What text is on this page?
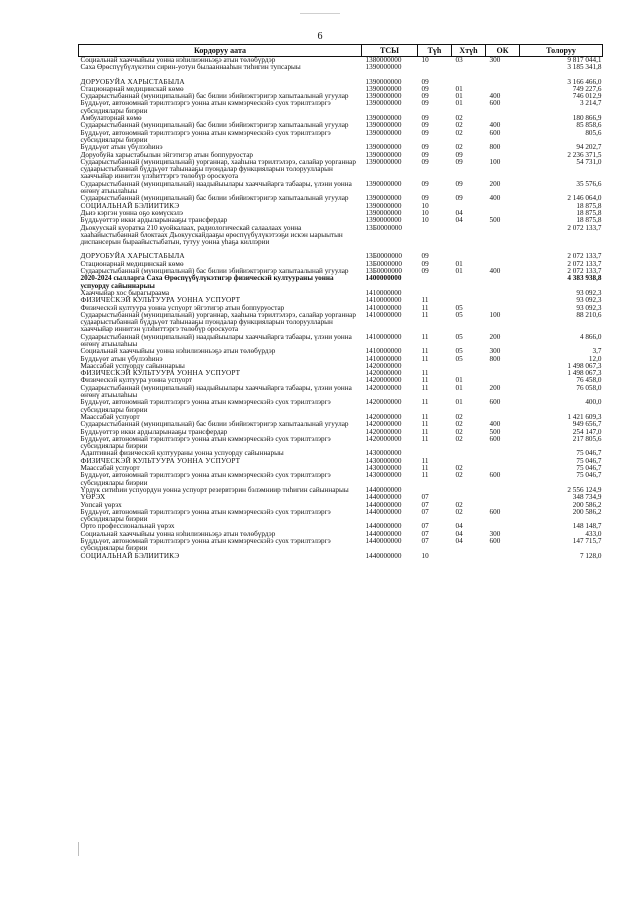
6
Кордоруу аата	ТСЫ	Түһ	Хтүһ	ОК	Толоруу
Социальнай хааччыйыы уонна нэһилиэнньэҕэ атын төлөбүрдэр	1380000000	10	03	300	9 817 044,1
Саха Өрөспүүбүлүкэтин сирин-уотун былааннааһын тиһигин тупсарыы	1390000000				3 185 341,8

ДОРУОБУЙА ХАРЫСТАБЫЛА	1390000000	09			3 166 466,0
Стационарнай медицинскай көмө	1390000000	09	01		749 227,6
Судаарыстыбаннай (муниципальнай) бас билии эбийиэктэригэр хапытаалынай угуулар	1390000000	09	01	400	746 012,9
Бүддьүөт, автономнай тэрилтэлэргэ уонна атын кэммэрческэйэ суох тэрилтэлэргэ субсидиялары биэрии	1390000000	09	01	600	3 214,7
Амбулаторнай көмө	1390000000	09	02		180 866,9
Судаарыстыбаннай (муниципальнай) бас билии эбийиэктэригэр хапытаалынай угуулар	1390000000	09	02	400	85 858,6
Бүддьүөт, автономнай тэрилтэлэргэ уонна атын кэммэрческэйэ суох тэрилтэлэргэ субсидиялары биэрии	1390000000	09	02	600	805,6
Бүддьүөт атын үбүлээһинэ	1390000000	09	02	800	94 202,7
Доруобуйа харыстабылын эйгэтигэр атын боппуруостар	1390000000	09	09		2 236 371,5
Судаарыстыбаннай (муниципальнай) уорганнар, хааһына тэрилтэлэрэ, салайар уорганнар судаарыстыбаннай бүддьүөт таһынааҕы пуондалар функцияларын толоруулларын хааччыйар иннитэн үлэһиттэргэ төлөбүр ороскуота	1390000000	09	09	100	54 731,0
Судаарыстыбаннай (муниципальнай) наадыйыылары хааччыйарга табаары, үлэни уонна өҥөнү атыылаһыы	1390000000	09	09	200	35 576,6
Судаарыстыбаннай (муниципальнай) бас билии эбийиэктэригэр хапытаалынай угуулар	1390000000	09	09	400	2 146 064,0
СОЦИАЛЬНАЙ БЭЛИИТИКЭ	1390000000	10			18 875,8
Дьиэ кэргэн уонна оҕо көмүскэлэ	1390000000	10	04		18 875,8
Бүддьүөттэр икки ардыларынааҕы трансфердар	1390000000	10	04	500	18 875,8
Дьокуускай куоратка 210 куойкалаах, радиологическай салаалаах уонна хааһайыстыбаннай блоктаах Дьокуускайдааҕы өрөспүүбүлүкэтээҕи искэн ыарыытын диспансерын быраайыстыбатын, тутуу уонна уһаҕа киллэрии	13Б0000000				2 072 133,7

ДОРУОБУЙА ХАРЫСТАБЫЛА	13Б0000000	09			2 072 133,7
Стационарнай медицинскай көмө	13Б0000000	09	01		2 072 133,7
Судаарыстыбаннай (муниципальнай) бас билии эбийиэктэригэр хапытаалынай угуулар	13Б0000000	09	01	400	2 072 133,7
2020-2024 сылларга Саха Өрөспүүбүлүкэтигэр физическэй култуураны уонна успуорду сайыннарыы	1400000000				4 383 938,8
Хааччыйар хос бырагыраама	1410000000				93 092,3
ФИЗИЧЕСКЭЙ КУЛЬТУУРА УОННА УСПУОРТ	1410000000	11			93 092,3
Физическэй култуура уонна успуорт эйгэтигэр атын боппуруостар	1410000000	11	05		93 092,3
Судаарыстыбаннай (муниципальнай) уорганнар, хааһына тэрилтэлэрэ, салайар уорганнар судаарыстыбаннай бүддьүөт таһынааҕы пуондалар функцияларын толоруулларын хааччыйар иннитэн үлэһиттэргэ төлөбүр ороскуота	1410000000	11	05	100	88 210,6
Судаарыстыбаннай (муниципальнай) наадыйыылары хааччыйарга табаары, үлэни уонна өҥөнү атыылаһыы	1410000000	11	05	200	4 866,0
Социальнай хааччыйыы уонна нэһилиэнньэҕэ атын төлөбүрдэр	1410000000	11	05	300	3,7
Бүддьүөт атын үбүлээһинэ	1410000000	11	05	800	12,0
Маассабай успуорду сайыннарыы	1420000000				1 498 067,3
ФИЗИЧЕСКЭЙ КУЛЬТУУРА УОННА УСПУОРТ	1420000000	11			1 498 067,3
Физическэй култуура уонна успуорт	1420000000	11	01		76 458,0
Судаарыстыбаннай (муниципальнай) наадыйыылары хааччыйарга табаары, үлэни уонна өҥөнү атыылаһыы	1420000000	11	01	200	76 058,0
Бүддьүөт, автономнай тэрилтэлэргэ уонна атын кэммэрческэйэ суох тэрилтэлэргэ субсидиялары биэрии	1420000000	11	01	600	400,0
Маассабай успуорт	1420000000	11	02		1 421 609,3
Судаарыстыбаннай (муниципальнай) бас билии эбийиэктэригэр хапытаалынай угуулар	1420000000	11	02	400	949 656,7
Бүддьүөттэр икки ардыларынааҕы трансфердар	1420000000	11	02	500	254 147,0
Бүддьүөт, автономнай тэрилтэлэргэ уонна атын кэммэрческэйэ суох тэрилтэлэргэ субсидиялары биэрии	1420000000	11	02	600	217 805,6
Адаптивнай физическэй култуураны уонна успуорду сайыннарыы	1430000000				75 046,7
ФИЗИЧЕСКЭЙ КУЛЬТУУРА УОННА УСПУОРТ	1430000000	11			75 046,7
Маассабай успуорт	1430000000	11	02		75 046,7
Бүддьүөт, автономнай тэрилтэлэргэ уонна атын кэммэрческэйэ суох тэрилтэлэргэ субсидиялары биэрии	1430000000	11	02	600	75 046,7
Үрдүк ситиһии успуордун уонна успуорт резервтэрин бэлэмниир тиһигин сайыннарыы	1440000000				2 556 124,9
ҮӨРЭХ	1440000000	07			348 734,9
Уопсай үөрэх	1440000000	07	02		200 586,2
Бүддьүөт, автономнай тэрилтэлэргэ уонна атын кэммэрческэйэ суох тэрилтэлэргэ субсидиялары биэрии	1440000000	07	02	600	200 586,2
Орто профессиональнай үөрэх	1440000000	07	04		148 148,7
Социальнай хааччыйыы уонна нэһилиэнньэҕэ атын төлөбүрдэр	1440000000	07	04	300	433,0
Бүддьүөт, автономнай тэрилтэлэргэ уонна атын кэммэрческэйэ суох тэрилтэлэргэ субсидиялары биэрии	1440000000	07	04	600	147 715,7
СОЦИАЛЬНАЙ БЭЛИИТИКЭ	1440000000	10			7 128,0
